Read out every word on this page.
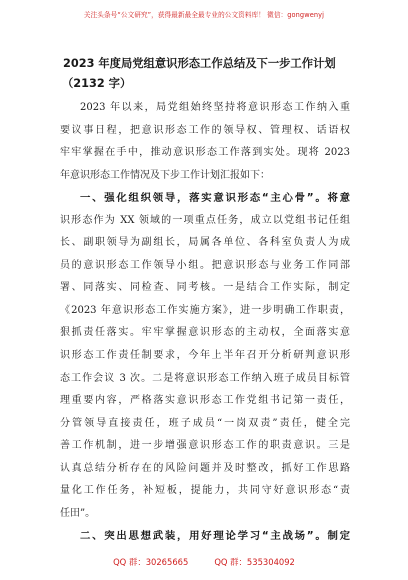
关注头条号“公文研究”，获得最新最全最专业的公文资料库！ 微信：gongwenyj

2023 年度局党组意识形态工作总结及下一步工作计划

（2132 字）

2023 年以来，局党组始终坚持将意识形态工作纳入重
要议事日程，把意识形态工作的领导权、管理权、话语权
牢牢掌握在手中，推动意识形态工作落到实处。现将 2023
年意识形态工作情况及下步工作计划汇报如下：
一、强化组织领导，落实意识形态“主心骨”。将意
识形态作为 XX 领域的一项重点任务，成立以党组书记任组
长、副职领导为副组长，局属各单位、各科室负责人为成
员的意识形态工作领导小组。把意识形态与业务工作同部
署、同落实、同检查、同考核。一是结合工作实际，制定
《2023 年意识形态工作实施方案》，进一步明确工作职责，
狠抓责任落实。牢牢掌握意识形态的主动权，全面落实意
识形态工作责任制要求，今年上半年召开分析研判意识形
态工作会议 3 次。二是将意识形态工作纳入班子成员目标管
理重要内容，严格落实意识形态工作党组书记第一责任，
分管领导直接责任，班子成员“一岗双责”责任，健全完
善工作机制，进一步增强意识形态工作的职责意识。三是
认真总结分析存在的风险问题并及时整改，抓好工作思路
量化工作任务，补短板，提能力，共同守好意识形态“责
任田”。
二、突出思想武装，用好理论学习“主战场”。制定
QQ 群：30265665	QQ 群：535304092
